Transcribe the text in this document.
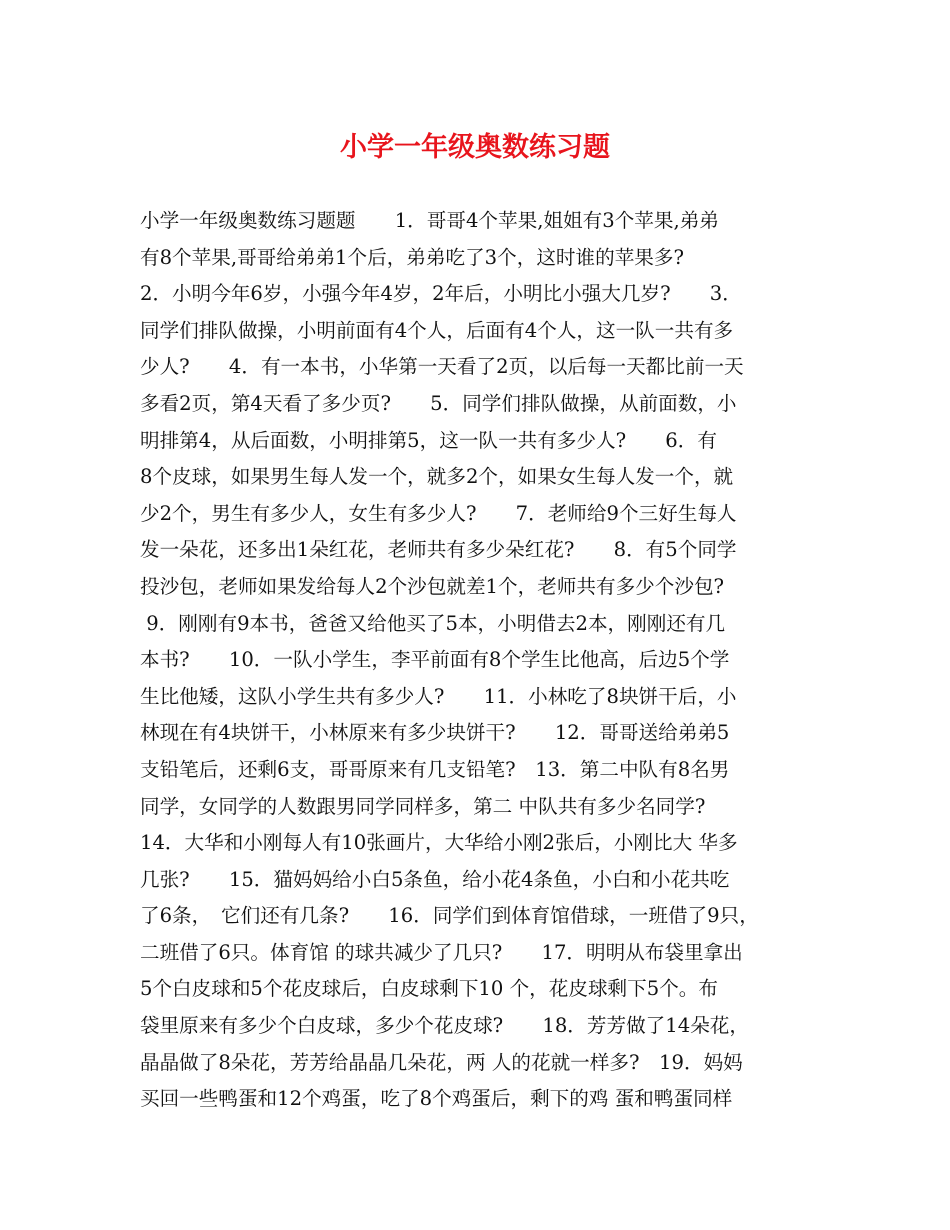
小学一年级奥数练习题
小学一年级奥数练习题题　　1．哥哥4个苹果,姐姐有3个苹果,弟弟
有8个苹果,哥哥给弟弟1个后，弟弟吃了3个，这时谁的苹果多?
2．小明今年6岁，小强今年4岁，2年后，小明比小强大几岁?　　3．
同学们排队做操，小明前面有4个人，后面有4个人，这一队一共有多
少人?　　4．有一本书，小华第一天看了2页，以后每一天都比前一天
多看2页，第4天看了多少页?　　5．同学们排队做操，从前面数，小
明排第4，从后面数，小明排第5，这一队一共有多少人?　　6．有
8个皮球，如果男生每人发一个，就多2个，如果女生每人发一个，就
少2个，男生有多少人，女生有多少人?　　7．老师给9个三好生每人
发一朵花，还多出1朵红花，老师共有多少朵红花?　　8．有5个同学
投沙包，老师如果发给每人2个沙包就差1个，老师共有多少个沙包?
9．刚刚有9本书，爸爸又给他买了5本，小明借去2本，刚刚还有几
本书?　　10．一队小学生，李平前面有8个学生比他高，后边5个学
生比他矮，这队小学生共有多少人?　　11．小林吃了8块饼干后，小
林现在有4块饼干，小林原来有多少块饼干?　　12．哥哥送给弟弟5
支铅笔后，还剩6支，哥哥原来有几支铅笔?　13．第二中队有8名男
同学，女同学的人数跟男同学同样多，第二 中队共有多少名同学?
14．大华和小刚每人有10张画片，大华给小刚2张后，小刚比大 华多
几张?　　15．猫妈妈给小白5条鱼，给小花4条鱼，小白和小花共吃
了6条，　它们还有几条?　　16．同学们到体育馆借球，一班借了9只，
二班借了6只。体育馆 的球共减少了几只?　　17．明明从布袋里拿出
5个白皮球和5个花皮球后，白皮球剩下10 个，花皮球剩下5个。布
袋里原来有多少个白皮球，多少个花皮球?　　18．芳芳做了14朵花，
晶晶做了8朵花，芳芳给晶晶几朵花，两 人的花就一样多?　19．妈妈
买回一些鸭蛋和12个鸡蛋，吃了8个鸡蛋后，剩下的鸡 蛋和鸭蛋同样
